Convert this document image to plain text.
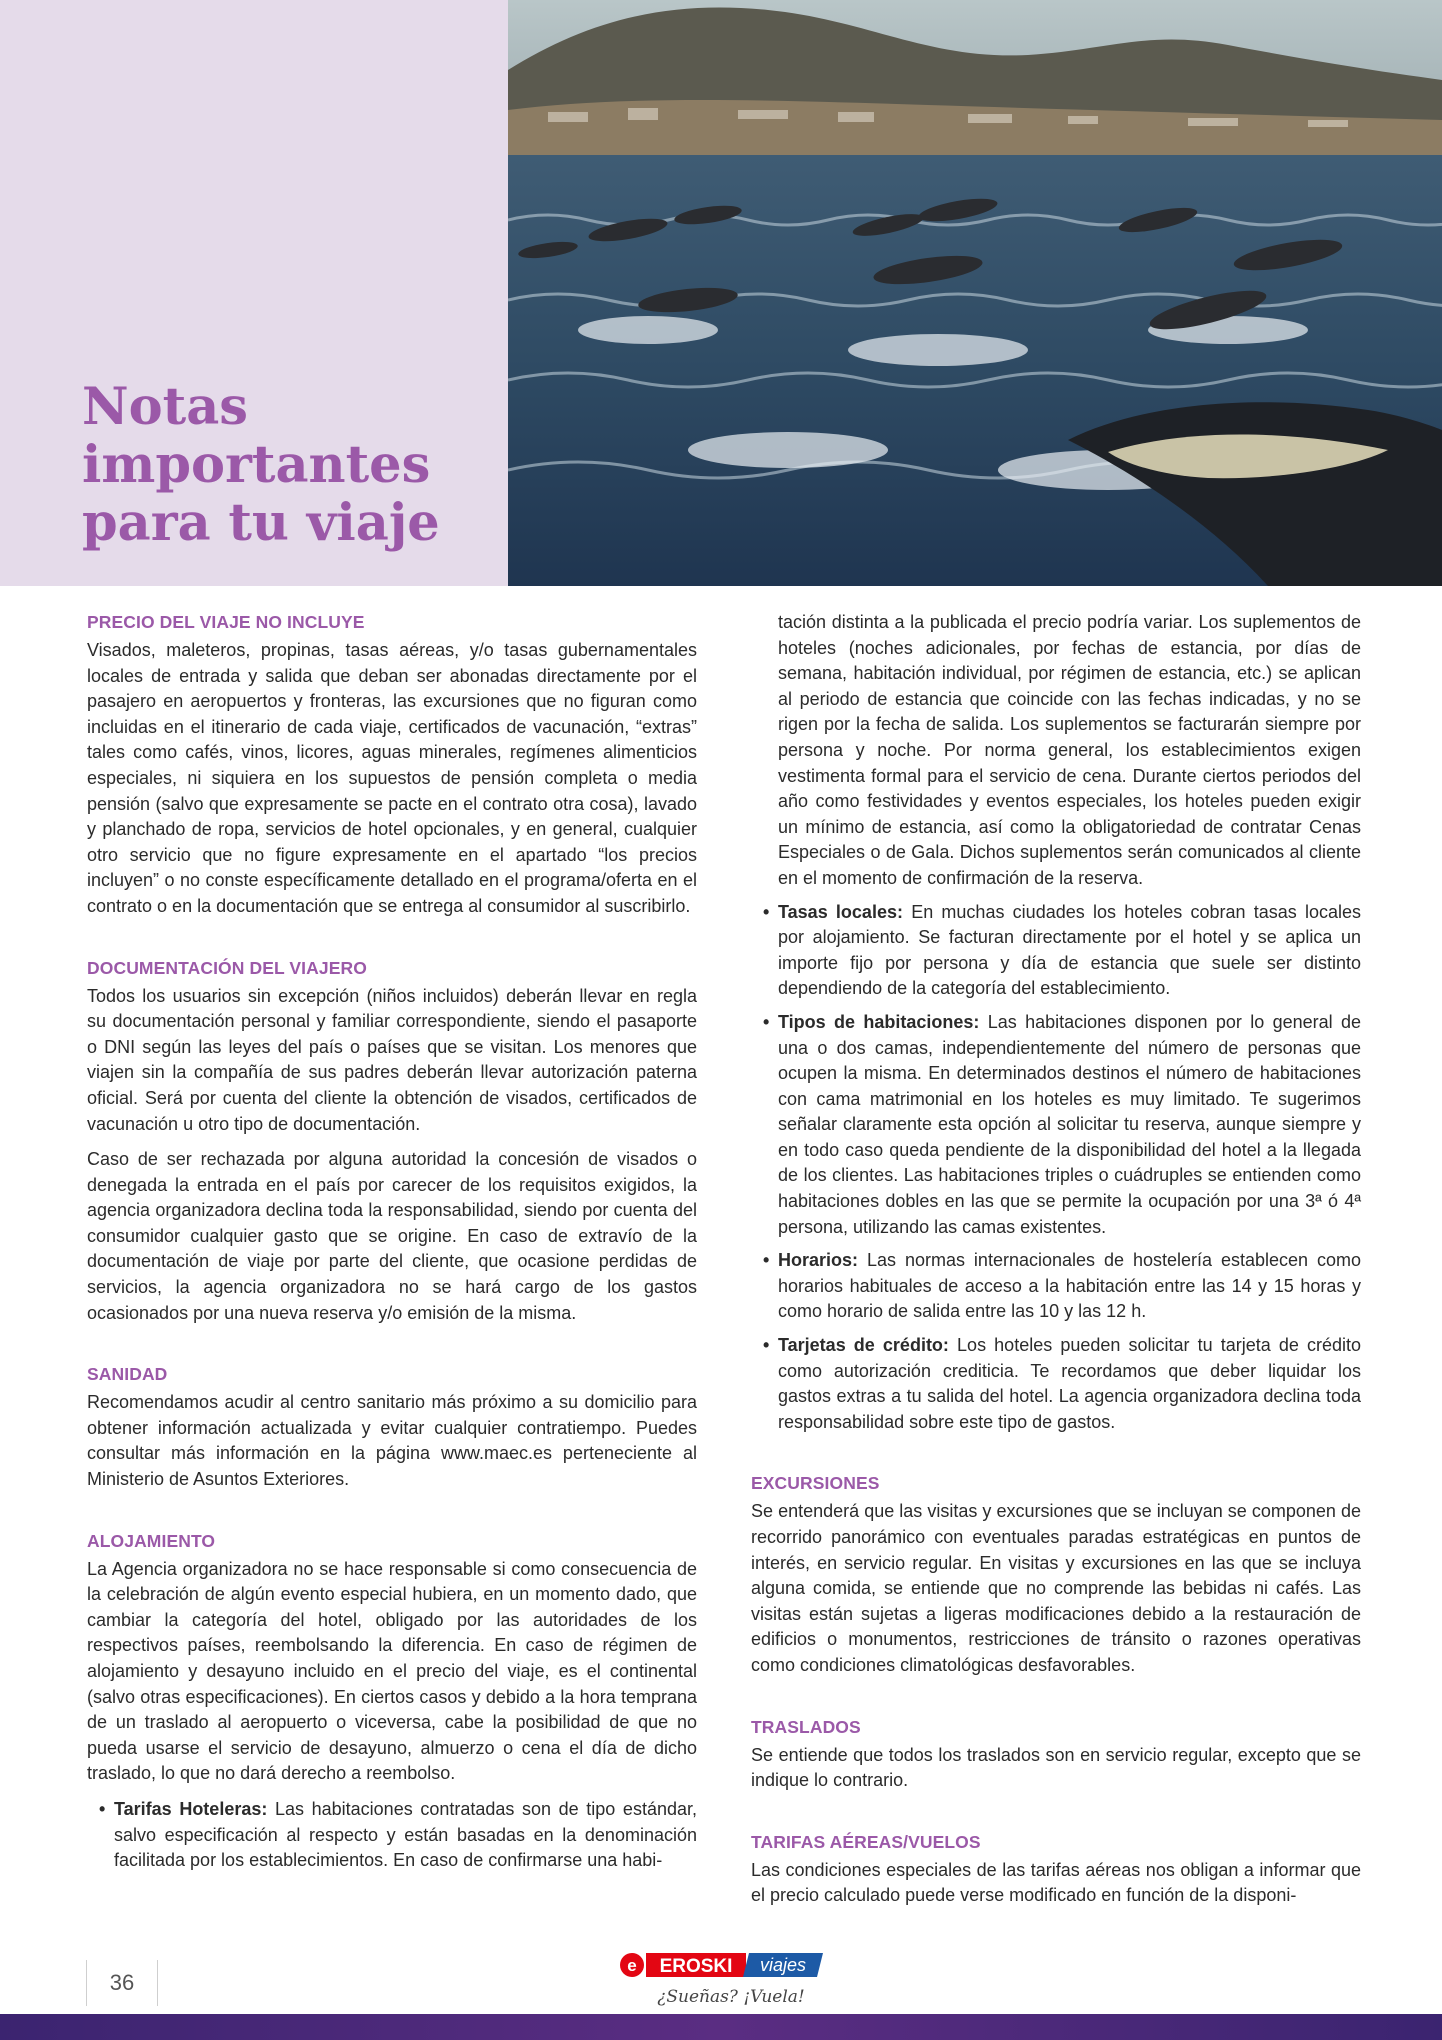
Notas
importantes
para tu viaje
PRECIO DEL VIAJE NO INCLUYE

Visados, maleteros, propinas, tasas aéreas, y/o tasas gubernamentales locales de entrada y salida que deban ser abonadas directamente por el pasajero en aeropuertos y fronteras, las excursiones que no figuran como incluidas en el itinerario de cada viaje, certificados de vacunación, “extras” tales como cafés, vinos, licores, aguas minerales, regímenes alimenticios especiales, ni siquiera en los supuestos de pensión completa o media pensión (salvo que expresamente se pacte en el contrato otra cosa), lavado y planchado de ropa, servicios de hotel opcionales, y en general, cualquier otro servicio que no figure expresamente en el apartado “los precios incluyen” o no conste específicamente detallado en el programa/oferta en el contrato o en la documentación que se entrega al consumidor al suscribirlo.

DOCUMENTACIÓN DEL VIAJERO

Todos los usuarios sin excepción (niños incluidos) deberán llevar en regla su documentación personal y familiar correspondiente, siendo el pasaporte o DNI según las leyes del país o países que se visitan. Los menores que viajen sin la compañía de sus padres deberán llevar autorización paterna oficial. Será por cuenta del cliente la obtención de visados, certificados de vacunación u otro tipo de documentación.

Caso de ser rechazada por alguna autoridad la concesión de visados o denegada la entrada en el país por carecer de los requisitos exigidos, la agencia organizadora declina toda la responsabilidad, siendo por cuenta del consumidor cualquier gasto que se origine. En caso de extravío de la documentación de viaje por parte del cliente, que ocasione perdidas de servicios, la agencia organizadora no se hará cargo de los gastos ocasionados por una nueva reserva y/o emisión de la misma.

SANIDAD

Recomendamos acudir al centro sanitario más próximo a su domicilio para obtener información actualizada y evitar cualquier contratiempo. Puedes consultar más información en la página www.maec.es perteneciente al Ministerio de Asuntos Exteriores.

ALOJAMIENTO

La Agencia organizadora no se hace responsable si como consecuencia de la celebración de algún evento especial hubiera, en un momento dado, que cambiar la categoría del hotel, obligado por las autoridades de los respectivos países, reembolsando la diferencia. En caso de régimen de alojamiento y desayuno incluido en el precio del viaje, es el continental (salvo otras especificaciones). En ciertos casos y debido a la hora temprana de un traslado al aeropuerto o viceversa, cabe la posibilidad de que no pueda usarse el servicio de desayuno, almuerzo o cena el día de dicho traslado, lo que no dará derecho a reembolso.

• Tarifas Hoteleras: Las habitaciones contratadas son de tipo estándar, salvo especificación al respecto y están basadas en la denominación facilitada por los establecimientos. En caso de confirmarse una habi-
tación distinta a la publicada el precio podría variar. Los suplementos de hoteles (noches adicionales, por fechas de estancia, por días de semana, habitación individual, por régimen de estancia, etc.) se aplican al periodo de estancia que coincide con las fechas indicadas, y no se rigen por la fecha de salida. Los suplementos se facturarán siempre por persona y noche. Por norma general, los establecimientos exigen vestimenta formal para el servicio de cena. Durante ciertos periodos del año como festividades y eventos especiales, los hoteles pueden exigir un mínimo de estancia, así como la obligatoriedad de contratar Cenas Especiales o de Gala. Dichos suplementos serán comunicados al cliente en el momento de confirmación de la reserva.
• Tasas locales: En muchas ciudades los hoteles cobran tasas locales por alojamiento. Se facturan directamente por el hotel y se aplica un importe fijo por persona y día de estancia que suele ser distinto dependiendo de la categoría del establecimiento.
• Tipos de habitaciones: Las habitaciones disponen por lo general de una o dos camas, independientemente del número de personas que ocupen la misma. En determinados destinos el número de habitaciones con cama matrimonial en los hoteles es muy limitado. Te sugerimos señalar claramente esta opción al solicitar tu reserva, aunque siempre y en todo caso queda pendiente de la disponibilidad del hotel a la llegada de los clientes. Las habitaciones triples o cuádruples se entienden como habitaciones dobles en las que se permite la ocupación por una 3ª ó 4ª persona, utilizando las camas existentes.
• Horarios: Las normas internacionales de hostelería establecen como horarios habituales de acceso a la habitación entre las 14 y 15 horas y como horario de salida entre las 10 y las 12 h.
• Tarjetas de crédito: Los hoteles pueden solicitar tu tarjeta de crédito como autorización crediticia. Te recordamos que deber liquidar los gastos extras a tu salida del hotel. La agencia organizadora declina toda responsabilidad sobre este tipo de gastos.
EXCURSIONES

Se entenderá que las visitas y excursiones que se incluyan se componen de recorrido panorámico con eventuales paradas estratégicas en puntos de interés, en servicio regular. En visitas y excursiones en las que se incluya alguna comida, se entiende que no comprende las bebidas ni cafés. Las visitas están sujetas a ligeras modificaciones debido a la restauración de edificios o monumentos, restricciones de tránsito o razones operativas como condiciones climatológicas desfavorables.

TRASLADOS

Se entiende que todos los traslados son en servicio regular, excepto que se indique lo contrario.

TARIFAS AÉREAS/VUELOS

Las condiciones especiales de las tarifas aéreas nos obligan a informar que el precio calculado puede verse modificado en función de la disponi-

36
e EROSKI viajes
¿Sueñas? ¡Vuela!
